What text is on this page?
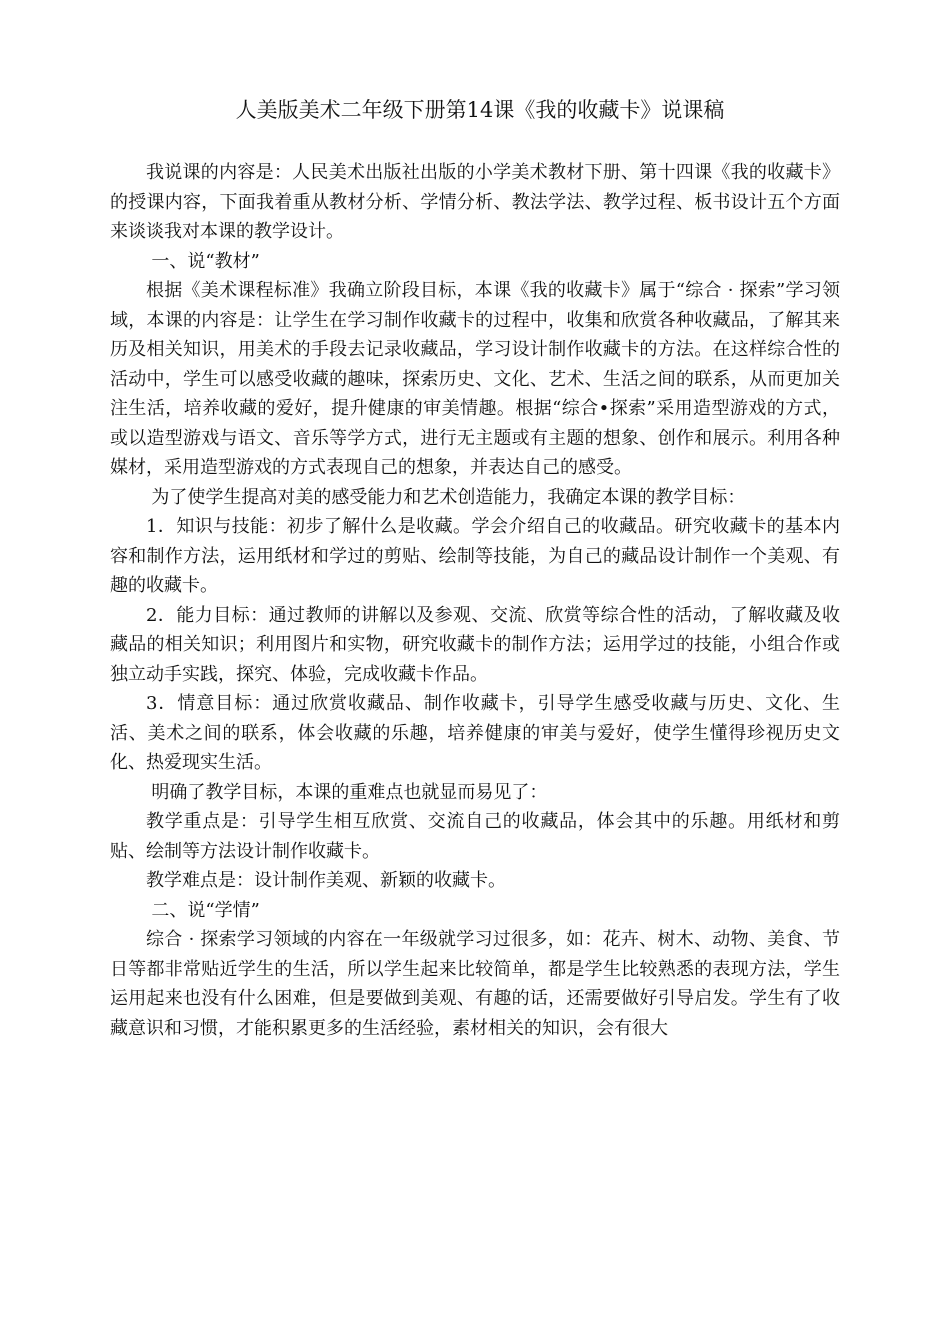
人美版美术二年级下册第14课《我的收藏卡》说课稿

我说课的内容是：人民美术出版社出版的小学美术教材下册、第十四课《我的收藏卡》的授课内容，下面我着重从教材分析、学情分析、教法学法、教学过程、板书设计五个方面来谈谈我对本课的教学设计。

一、说“教材”

根据《美术课程标准》我确立阶段目标，本课《我的收藏卡》属于“综合 · 探索”学习领域，本课的内容是：让学生在学习制作收藏卡的过程中，收集和欣赏各种收藏品，了解其来历及相关知识，用美术的手段去记录收藏品，学习设计制作收藏卡的方法。在这样综合性的活动中，学生可以感受收藏的趣味，探索历史、文化、艺术、生活之间的联系，从而更加关注生活，培养收藏的爱好，提升健康的审美情趣。根据“综合•探索”采用造型游戏的方式，或以造型游戏与语文、音乐等学方式，进行无主题或有主题的想象、创作和展示。利用各种媒材，采用造型游戏的方式表现自己的想象，并表达自己的感受。

为了使学生提高对美的感受能力和艺术创造能力，我确定本课的教学目标：

1．知识与技能：初步了解什么是收藏。学会介绍自己的收藏品。研究收藏卡的基本内容和制作方法，运用纸材和学过的剪贴、绘制等技能，为自己的藏品设计制作一个美观、有趣的收藏卡。

2．能力目标：通过教师的讲解以及参观、交流、欣赏等综合性的活动，了解收藏及收藏品的相关知识；利用图片和实物，研究收藏卡的制作方法；运用学过的技能，小组合作或独立动手实践，探究、体验，完成收藏卡作品。

3．情意目标：通过欣赏收藏品、制作收藏卡，引导学生感受收藏与历史、文化、生活、美术之间的联系，体会收藏的乐趣，培养健康的审美与爱好，使学生懂得珍视历史文化、热爱现实生活。

明确了教学目标，本课的重难点也就显而易见了：

教学重点是：引导学生相互欣赏、交流自己的收藏品，体会其中的乐趣。用纸材和剪贴、绘制等方法设计制作收藏卡。

教学难点是：设计制作美观、新颖的收藏卡。

二、说“学情”

综合 · 探索学习领域的内容在一年级就学习过很多，如：花卉、树木、动物、美食、节日等都非常贴近学生的生活，所以学生起来比较简单，都是学生比较熟悉的表现方法，学生运用起来也没有什么困难，但是要做到美观、有趣的话，还需要做好引导启发。学生有了收藏意识和习惯，才能积累更多的生活经验，素材相关的知识，会有很大
